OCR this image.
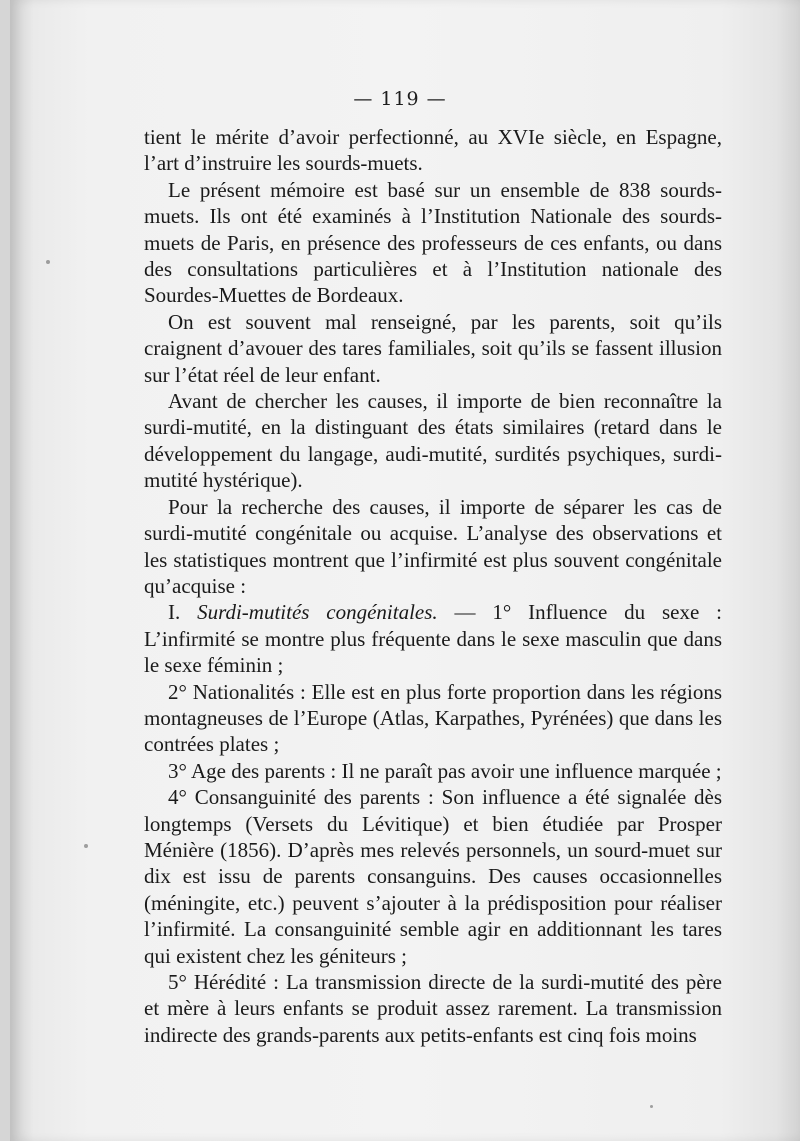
— 119 —

tient le mérite d’avoir perfectionné, au XVIe siècle, en Espagne, l’art d’instruire les sourds-muets.

Le présent mémoire est basé sur un ensemble de 838 sourds-muets. Ils ont été examinés à l’Institution Nationale des sourds-muets de Paris, en présence des professeurs de ces enfants, ou dans des consultations particulières et à l’Institution nationale des Sourdes-Muettes de Bordeaux.

On est souvent mal renseigné, par les parents, soit qu’ils craignent d’avouer des tares familiales, soit qu’ils se fassent illusion sur l’état réel de leur enfant.

Avant de chercher les causes, il importe de bien reconnaître la surdi-mutité, en la distinguant des états similaires (retard dans le développement du langage, audi-mutité, surdités psychiques, surdi-mutité hystérique).

Pour la recherche des causes, il importe de séparer les cas de surdi-mutité congénitale ou acquise. L’analyse des observations et les statistiques montrent que l’infirmité est plus souvent congénitale qu’acquise :

I. Surdi-mutités congénitales. — 1° Influence du sexe : L’infirmité se montre plus fréquente dans le sexe masculin que dans le sexe féminin ;

2° Nationalités : Elle est en plus forte proportion dans les régions montagneuses de l’Europe (Atlas, Karpathes, Pyrénées) que dans les contrées plates ;

3° Age des parents : Il ne paraît pas avoir une influence marquée ;

4° Consanguinité des parents : Son influence a été signalée dès longtemps (Versets du Lévitique) et bien étudiée par Prosper Ménière (1856). D’après mes relevés personnels, un sourd-muet sur dix est issu de parents consanguins. Des causes occasionnelles (méningite, etc.) peuvent s’ajouter à la prédisposition pour réaliser l’infirmité. La consanguinité semble agir en additionnant les tares qui existent chez les géniteurs ;

5° Hérédité : La transmission directe de la surdi-mutité des père et mère à leurs enfants se produit assez rarement. La transmission indirecte des grands-parents aux petits-enfants est cinq fois moins
